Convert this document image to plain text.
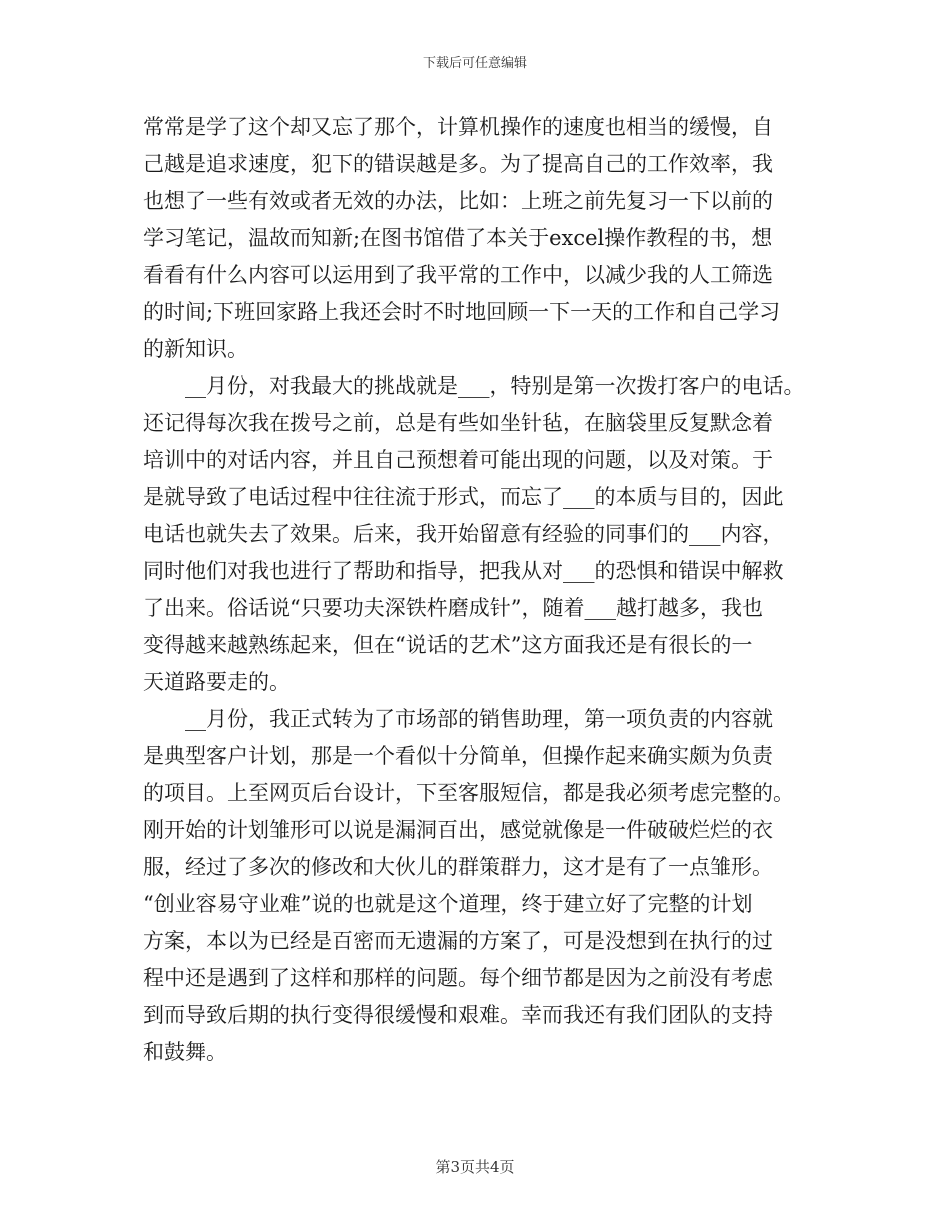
下载后可任意编辑
常常是学了这个却又忘了那个，计算机操作的速度也相当的缓慢，自
己越是追求速度，犯下的错误越是多。为了提高自己的工作效率，我
也想了一些有效或者无效的办法，比如：上班之前先复习一下以前的
学习笔记，温故而知新;在图书馆借了本关于excel操作教程的书，想
看看有什么内容可以运用到了我平常的工作中，以减少我的人工筛选
的时间;下班回家路上我还会时不时地回顾一下一天的工作和自己学习
的新知识。
　　__月份，对我最大的挑战就是___，特别是第一次拨打客户的电话。
还记得每次我在拨号之前，总是有些如坐针毡，在脑袋里反复默念着
培训中的对话内容，并且自己预想着可能出现的问题，以及对策。于
是就导致了电话过程中往往流于形式，而忘了___的本质与目的，因此
电话也就失去了效果。后来，我开始留意有经验的同事们的___内容，
同时他们对我也进行了帮助和指导，把我从对___的恐惧和错误中解救
了出来。俗话说“只要功夫深铁杵磨成针”，随着___越打越多，我也
变得越来越熟练起来，但在“说话的艺术”这方面我还是有很长的一
天道路要走的。
　　__月份，我正式转为了市场部的销售助理，第一项负责的内容就
是典型客户计划，那是一个看似十分简单，但操作起来确实颇为负责
的项目。上至网页后台设计，下至客服短信，都是我必须考虑完整的。
刚开始的计划雏形可以说是漏洞百出，感觉就像是一件破破烂烂的衣
服，经过了多次的修改和大伙儿的群策群力，这才是有了一点雏形。
“创业容易守业难”说的也就是这个道理，终于建立好了完整的计划
方案，本以为已经是百密而无遗漏的方案了，可是没想到在执行的过
程中还是遇到了这样和那样的问题。每个细节都是因为之前没有考虑
到而导致后期的执行变得很缓慢和艰难。幸而我还有我们团队的支持
和鼓舞。
第3页共4页
